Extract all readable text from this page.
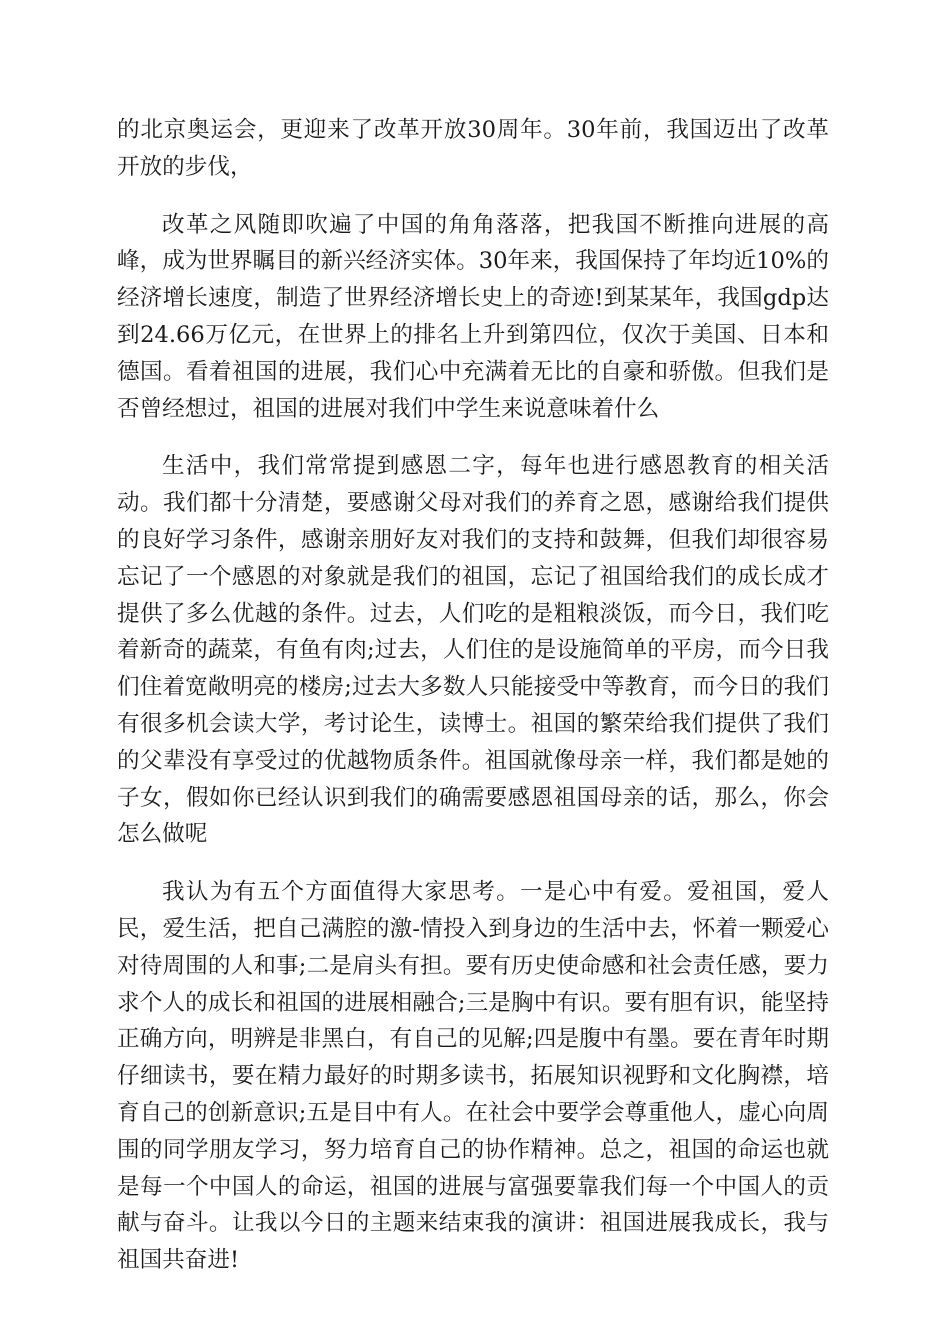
的北京奥运会，更迎来了改革开放30周年。30年前，我国迈出了改革开放的步伐，

改革之风随即吹遍了中国的角角落落，把我国不断推向进展的高峰，成为世界瞩目的新兴经济实体。30年来，我国保持了年均近10%的经济增长速度，制造了世界经济增长史上的奇迹!到某某年，我国gdp达到24.66万亿元，在世界上的排名上升到第四位，仅次于美国、日本和德国。看着祖国的进展，我们心中充满着无比的自豪和骄傲。但我们是否曾经想过，祖国的进展对我们中学生来说意味着什么

生活中，我们常常提到感恩二字，每年也进行感恩教育的相关活动。我们都十分清楚，要感谢父母对我们的养育之恩，感谢给我们提供的良好学习条件，感谢亲朋好友对我们的支持和鼓舞，但我们却很容易忘记了一个感恩的对象就是我们的祖国，忘记了祖国给我们的成长成才提供了多么优越的条件。过去，人们吃的是粗粮淡饭，而今日，我们吃着新奇的蔬菜，有鱼有肉;过去，人们住的是设施简单的平房，而今日我们住着宽敞明亮的楼房;过去大多数人只能接受中等教育，而今日的我们有很多机会读大学，考讨论生，读博士。祖国的繁荣给我们提供了我们的父辈没有享受过的优越物质条件。祖国就像母亲一样，我们都是她的子女，假如你已经认识到我们的确需要感恩祖国母亲的话，那么，你会怎么做呢

我认为有五个方面值得大家思考。一是心中有爱。爱祖国，爱人民，爱生活，把自己满腔的激-情投入到身边的生活中去，怀着一颗爱心对待周围的人和事;二是肩头有担。要有历史使命感和社会责任感，要力求个人的成长和祖国的进展相融合;三是胸中有识。要有胆有识，能坚持正确方向，明辨是非黑白，有自己的见解;四是腹中有墨。要在青年时期仔细读书，要在精力最好的时期多读书，拓展知识视野和文化胸襟，培育自己的创新意识;五是目中有人。在社会中要学会尊重他人，虚心向周围的同学朋友学习，努力培育自己的协作精神。总之，祖国的命运也就是每一个中国人的命运，祖国的进展与富强要靠我们每一个中国人的贡献与奋斗。让我以今日的主题来结束我的演讲：祖国进展我成长，我与祖国共奋进!
